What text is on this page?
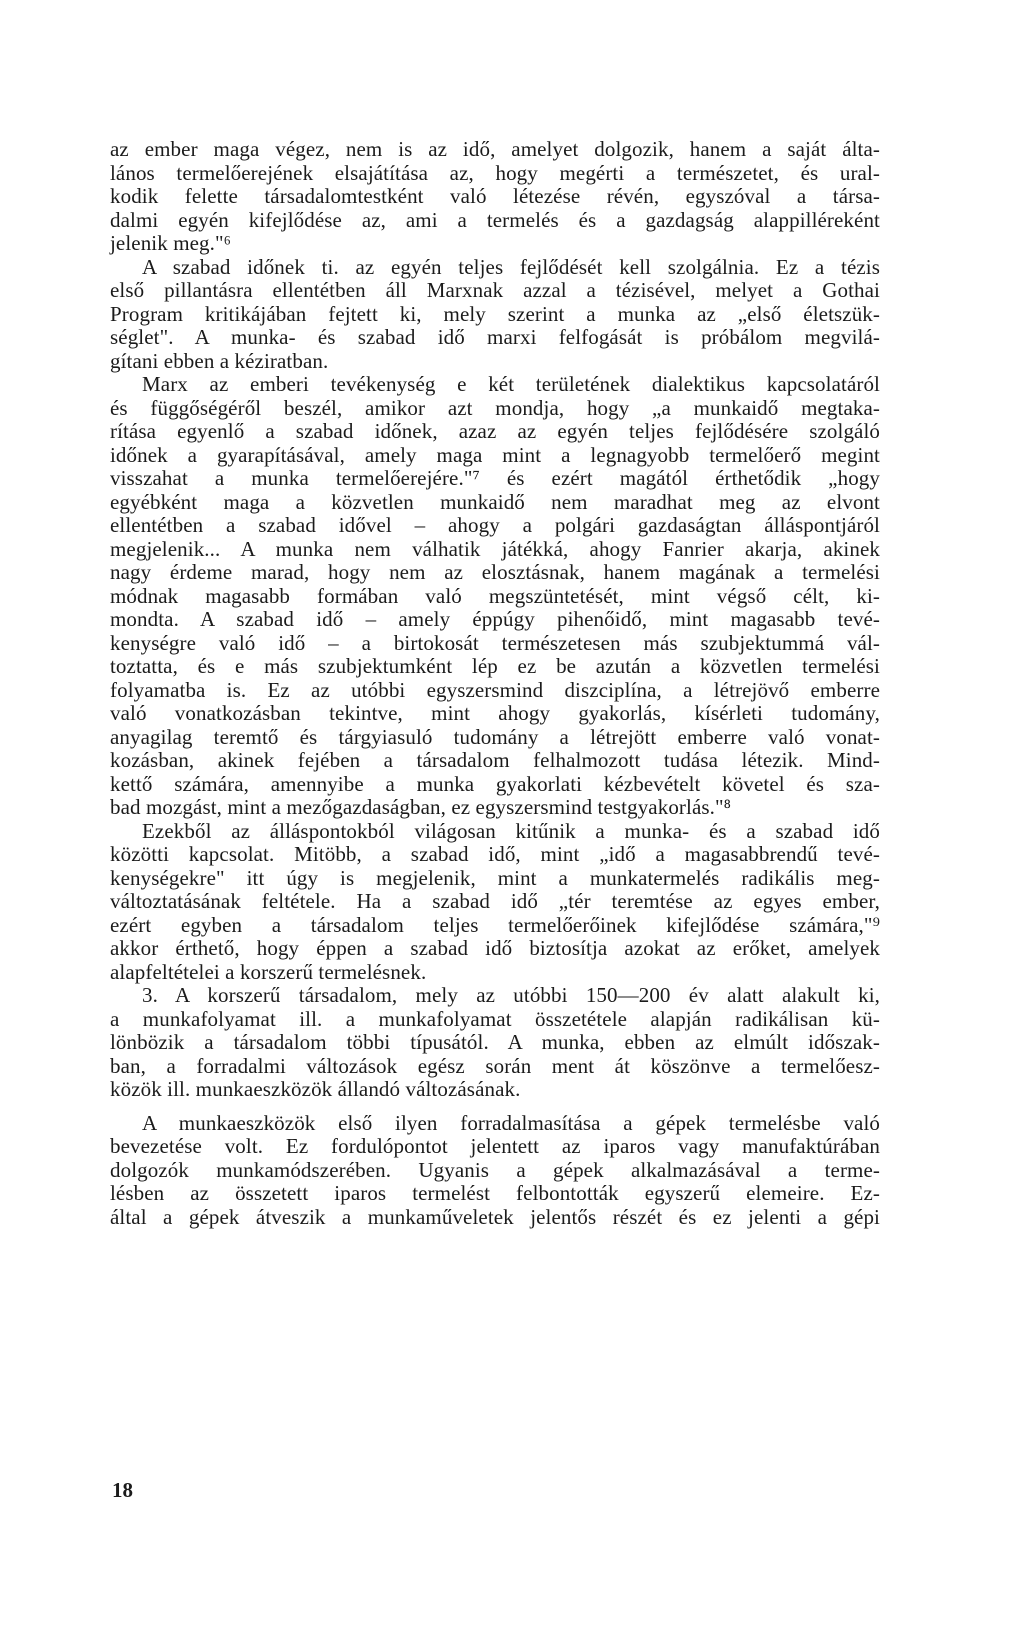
az ember maga végez, nem is az idő, amelyet dolgozik, hanem a saját álta-
lános termelőerejének elsajátítása az, hogy megérti a természetet, és ural-
kodik felette társadalomtestként való létezése révén, egyszóval a társa-
dalmi egyén kifejlődése az, ami a termelés és a gazdagság alappilléreként
jelenik meg."⁶
A szabad időnek ti. az egyén teljes fejlődését kell szolgálnia. Ez a tézis
első pillantásra ellentétben áll Marxnak azzal a tézisével, melyet a Gothai
Program kritikájában fejtett ki, mely szerint a munka az „első életszük-
séglet". A munka- és szabad idő marxi felfogását is próbálom megvilá-
gítani ebben a kéziratban.
Marx az emberi tevékenység e két területének dialektikus kapcsolatáról
és függőségéről beszél, amikor azt mondja, hogy „a munkaidő megtaka-
rítása egyenlő a szabad időnek, azaz az egyén teljes fejlődésére szolgáló
időnek a gyarapításával, amely maga mint a legnagyobb termelőerő megint
visszahat a munka termelőerejére."⁷ és ezért magától érthetődik „hogy
egyébként maga a közvetlen munkaidő nem maradhat meg az elvont
ellentétben a szabad idővel – ahogy a polgári gazdaságtan álláspontjáról
megjelenik... A munka nem válhatik játékká, ahogy Fanrier akarja, akinek
nagy érdeme marad, hogy nem az elosztásnak, hanem magának a termelési
módnak magasabb formában való megszüntetését, mint végső célt, ki-
mondta. A szabad idő – amely éppúgy pihenőidő, mint magasabb tevé-
kenységre való idő – a birtokosát természetesen más szubjektummá vál-
toztatta, és e más szubjektumként lép ez be azután a közvetlen termelési
folyamatba is. Ez az utóbbi egyszersmind diszciplína, a létrejövő emberre
való vonatkozásban tekintve, mint ahogy gyakorlás, kísérleti tudomány,
anyagilag teremtő és tárgyiasuló tudomány a létrejött emberre való vonat-
kozásban, akinek fejében a társadalom felhalmozott tudása létezik. Mind-
kettő számára, amennyibe a munka gyakorlati kézbevételt követel és sza-
bad mozgást, mint a mezőgazdaságban, ez egyszersmind testgyakorlás."⁸
Ezekből az álláspontokból világosan kitűnik a munka- és a szabad idő
közötti kapcsolat. Mitöbb, a szabad idő, mint „idő a magasabbrendű tevé-
kenységekre" itt úgy is megjelenik, mint a munkatermelés radikális meg-
változtatásának feltétele. Ha a szabad idő „tér teremtése az egyes ember,
ezért egyben a társadalom teljes termelőerőinek kifejlődése számára,"⁹
akkor érthető, hogy éppen a szabad idő biztosítja azokat az erőket, amelyek
alapfeltételei a korszerű termelésnek.
3. A korszerű társadalom, mely az utóbbi 150—200 év alatt alakult ki,
a munkafolyamat ill. a munkafolyamat összetétele alapján radikálisan kü-
lönbözik a társadalom többi típusától. A munka, ebben az elmúlt időszak-
ban, a forradalmi változások egész során ment át köszönve a termelőesz-
közök ill. munkaeszközök állandó változásának.
A munkaeszközök első ilyen forradalmasítása a gépek termelésbe való
bevezetése volt. Ez fordulópontot jelentett az iparos vagy manufaktúrában
dolgozók munkamódszerében. Ugyanis a gépek alkalmazásával a terme-
lésben az összetett iparos termelést felbontották egyszerű elemeire. Ez-
által a gépek átveszik a munkaműveletek jelentős részét és ez jelenti a gépi
18
